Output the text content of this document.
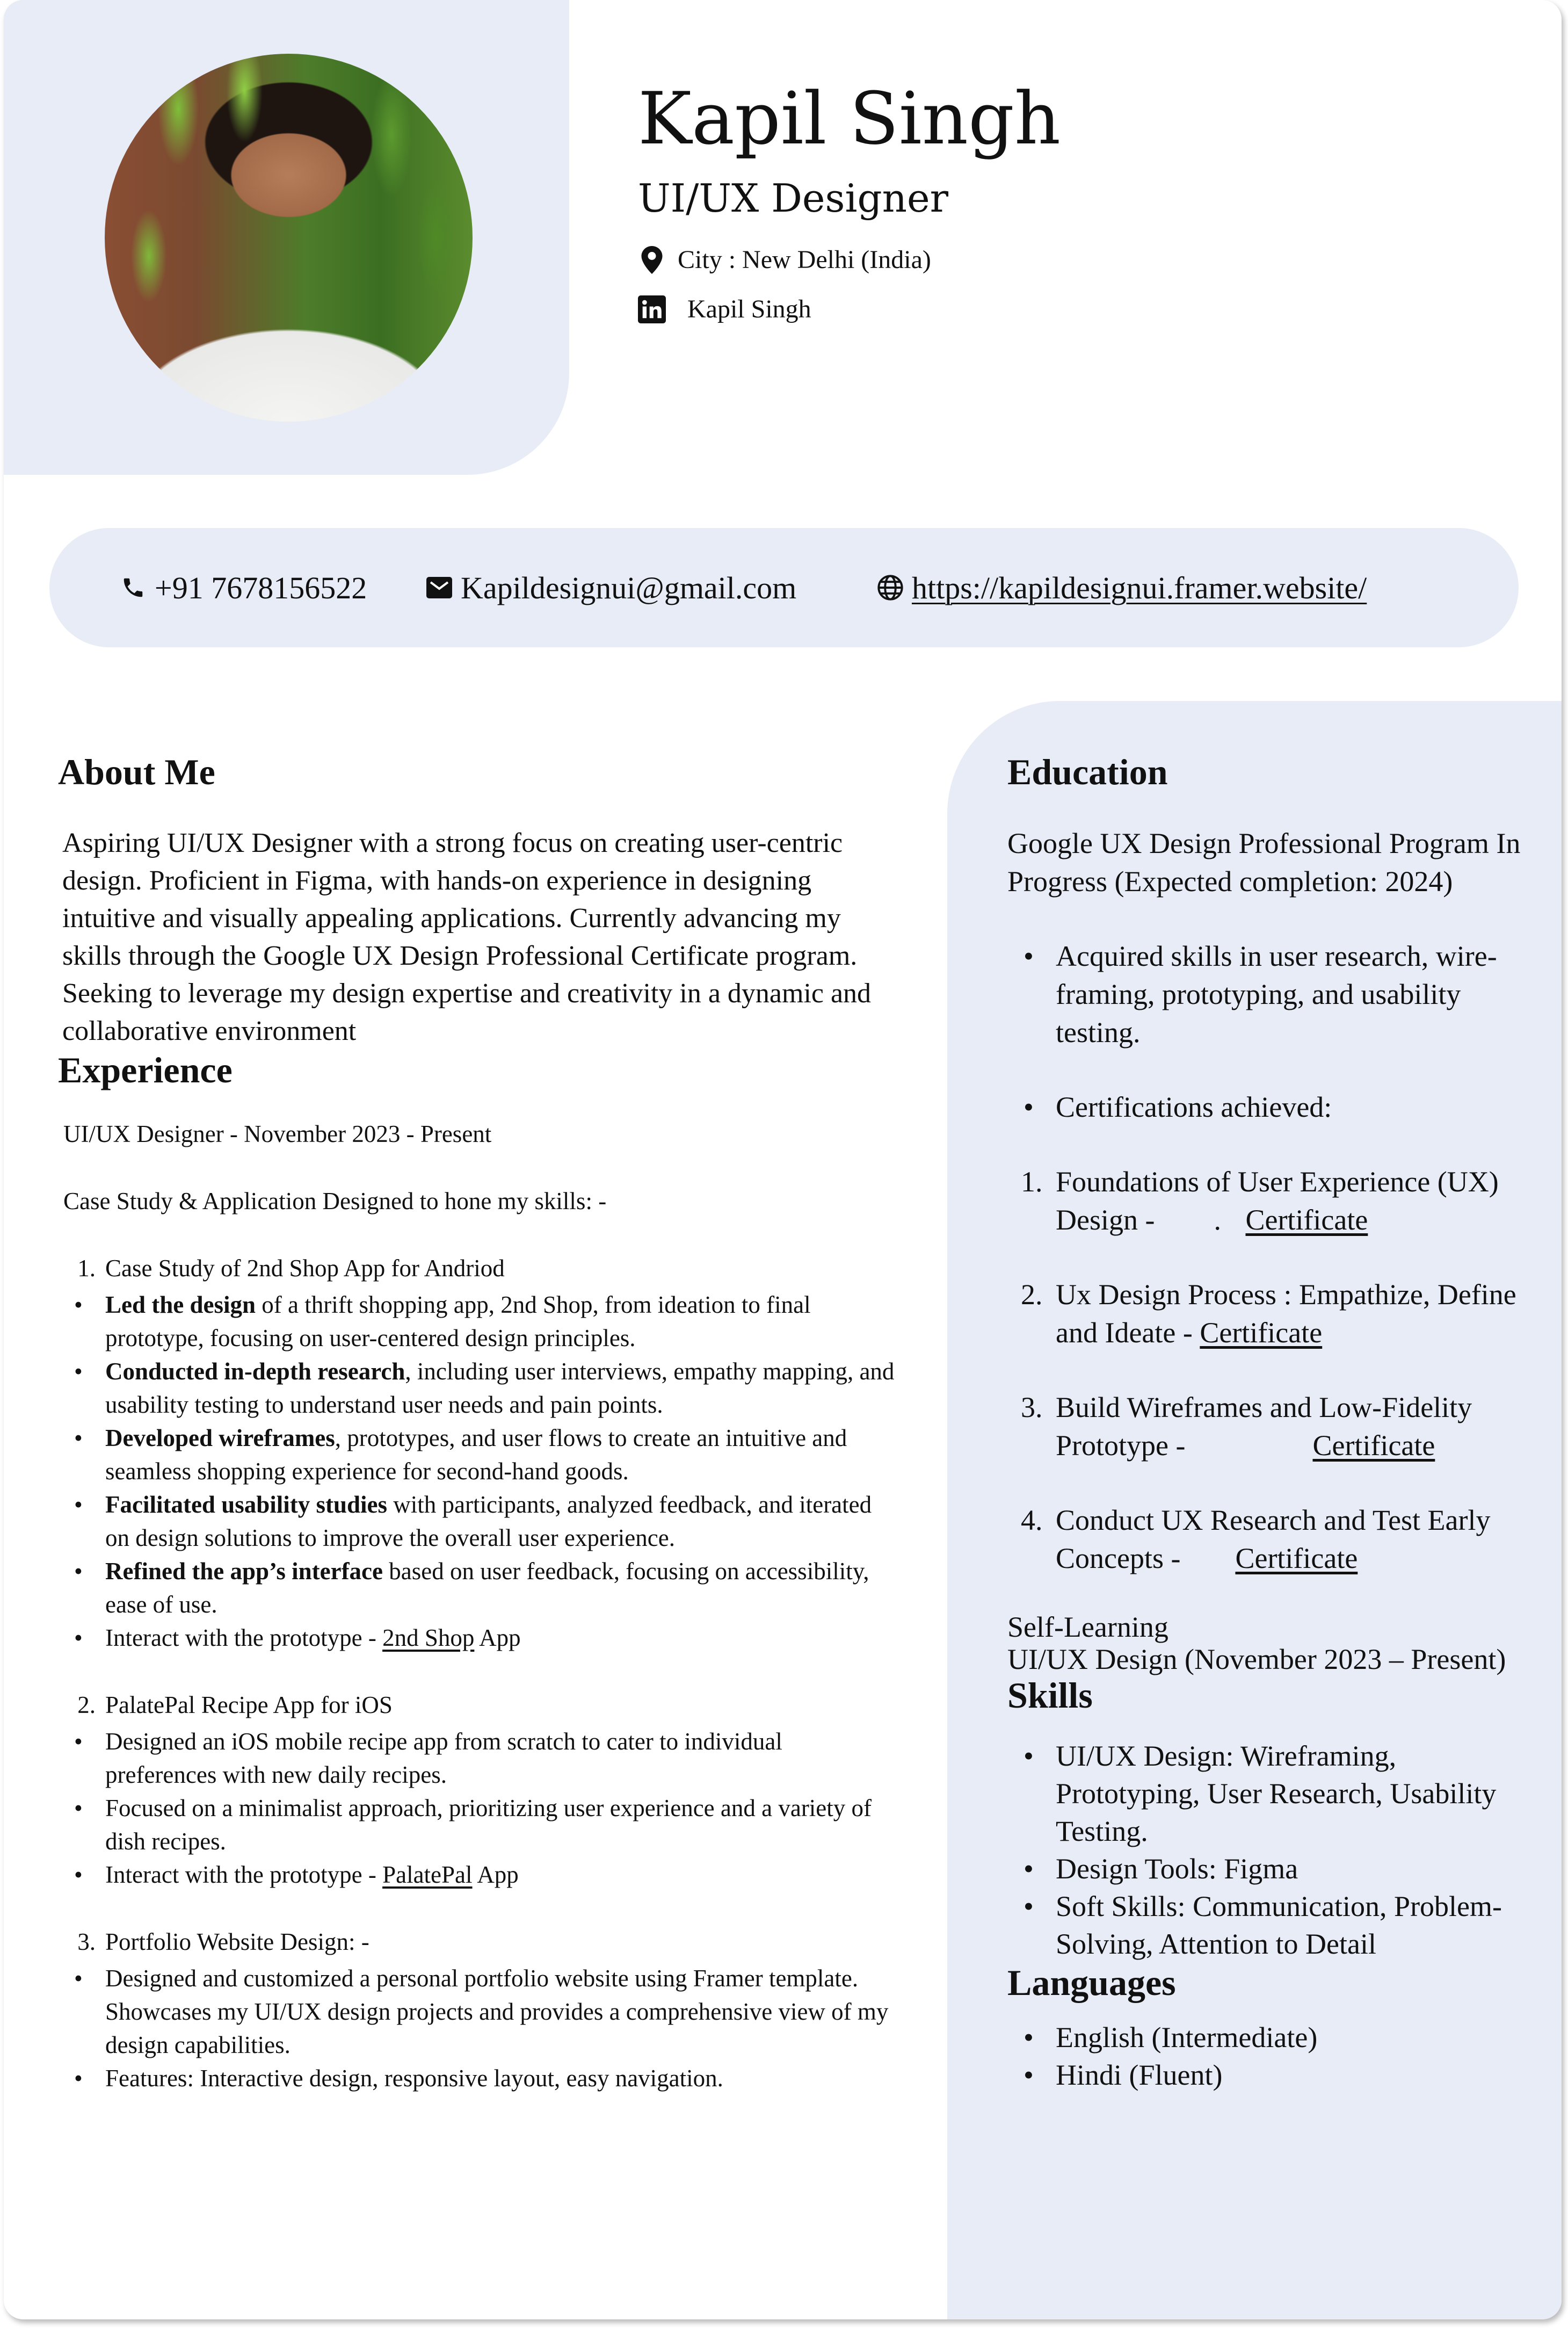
Kapil Singh
UI/UX Designer
City : New Delhi (India)
Kapil Singh
+91 7678156522	Kapildesignui@gmail.com	https://kapildesignui.framer.website/
About Me

Aspiring UI/UX Designer with a strong focus on creating user-centric design. Proficient in Figma, with hands-on experience in designing intuitive and visually appealing applications. Currently advancing my skills through the Google UX Design Professional Certificate program. Seeking to leverage my design expertise and creativity in a dynamic and collaborative environment

Experience

UI/UX Designer - November 2023 - Present

Case Study & Application Designed to hone my skills: -

1. Case Study of 2nd Shop App for Andriod
• Led the design of a thrift shopping app, 2nd Shop, from ideation to final prototype, focusing on user-centered design principles.
• Conducted in-depth research, including user interviews, empathy mapping, and usability testing to understand user needs and pain points.
• Developed wireframes, prototypes, and user flows to create an intuitive and seamless shopping experience for second-hand goods.
• Facilitated usability studies with participants, analyzed feedback, and iterated on design solutions to improve the overall user experience.
• Refined the app’s interface based on user feedback, focusing on accessibility, ease of use.
• Interact with the prototype - 2nd Shop App
2. PalatePal Recipe App for iOS
• Designed an iOS mobile recipe app from scratch to cater to individual preferences with new daily recipes.
• Focused on a minimalist approach, prioritizing user experience and a variety of dish recipes.
• Interact with the prototype - PalatePal App
3. Portfolio Website Design: -
• Designed and customized a personal portfolio website using Framer template. Showcases my UI/UX design projects and provides a comprehensive view of my design capabilities.
• Features: Interactive design, responsive layout, easy navigation.
Education

Google UX Design Professional Program In Progress (Expected completion: 2024)

• Acquired skills in user research, wire-framing, prototyping, and usability testing.
• Certifications achieved:
1. Foundations of User Experience (UX) Design - . Certificate
2. Ux Design Process : Empathize, Define and Ideate - Certificate
3. Build Wireframes and Low-Fidelity Prototype -	Certificate
4. Conduct UX Research and Test Early Concepts -  Certificate
Self-Learning
UI/UX Design (November 2023 – Present)
Skills
• UI/UX Design: Wireframing, Prototyping, User Research, Usability Testing.
• Design Tools: Figma
• Soft Skills: Communication, Problem-Solving, Attention to Detail
Languages
• English (Intermediate)
• Hindi (Fluent)
